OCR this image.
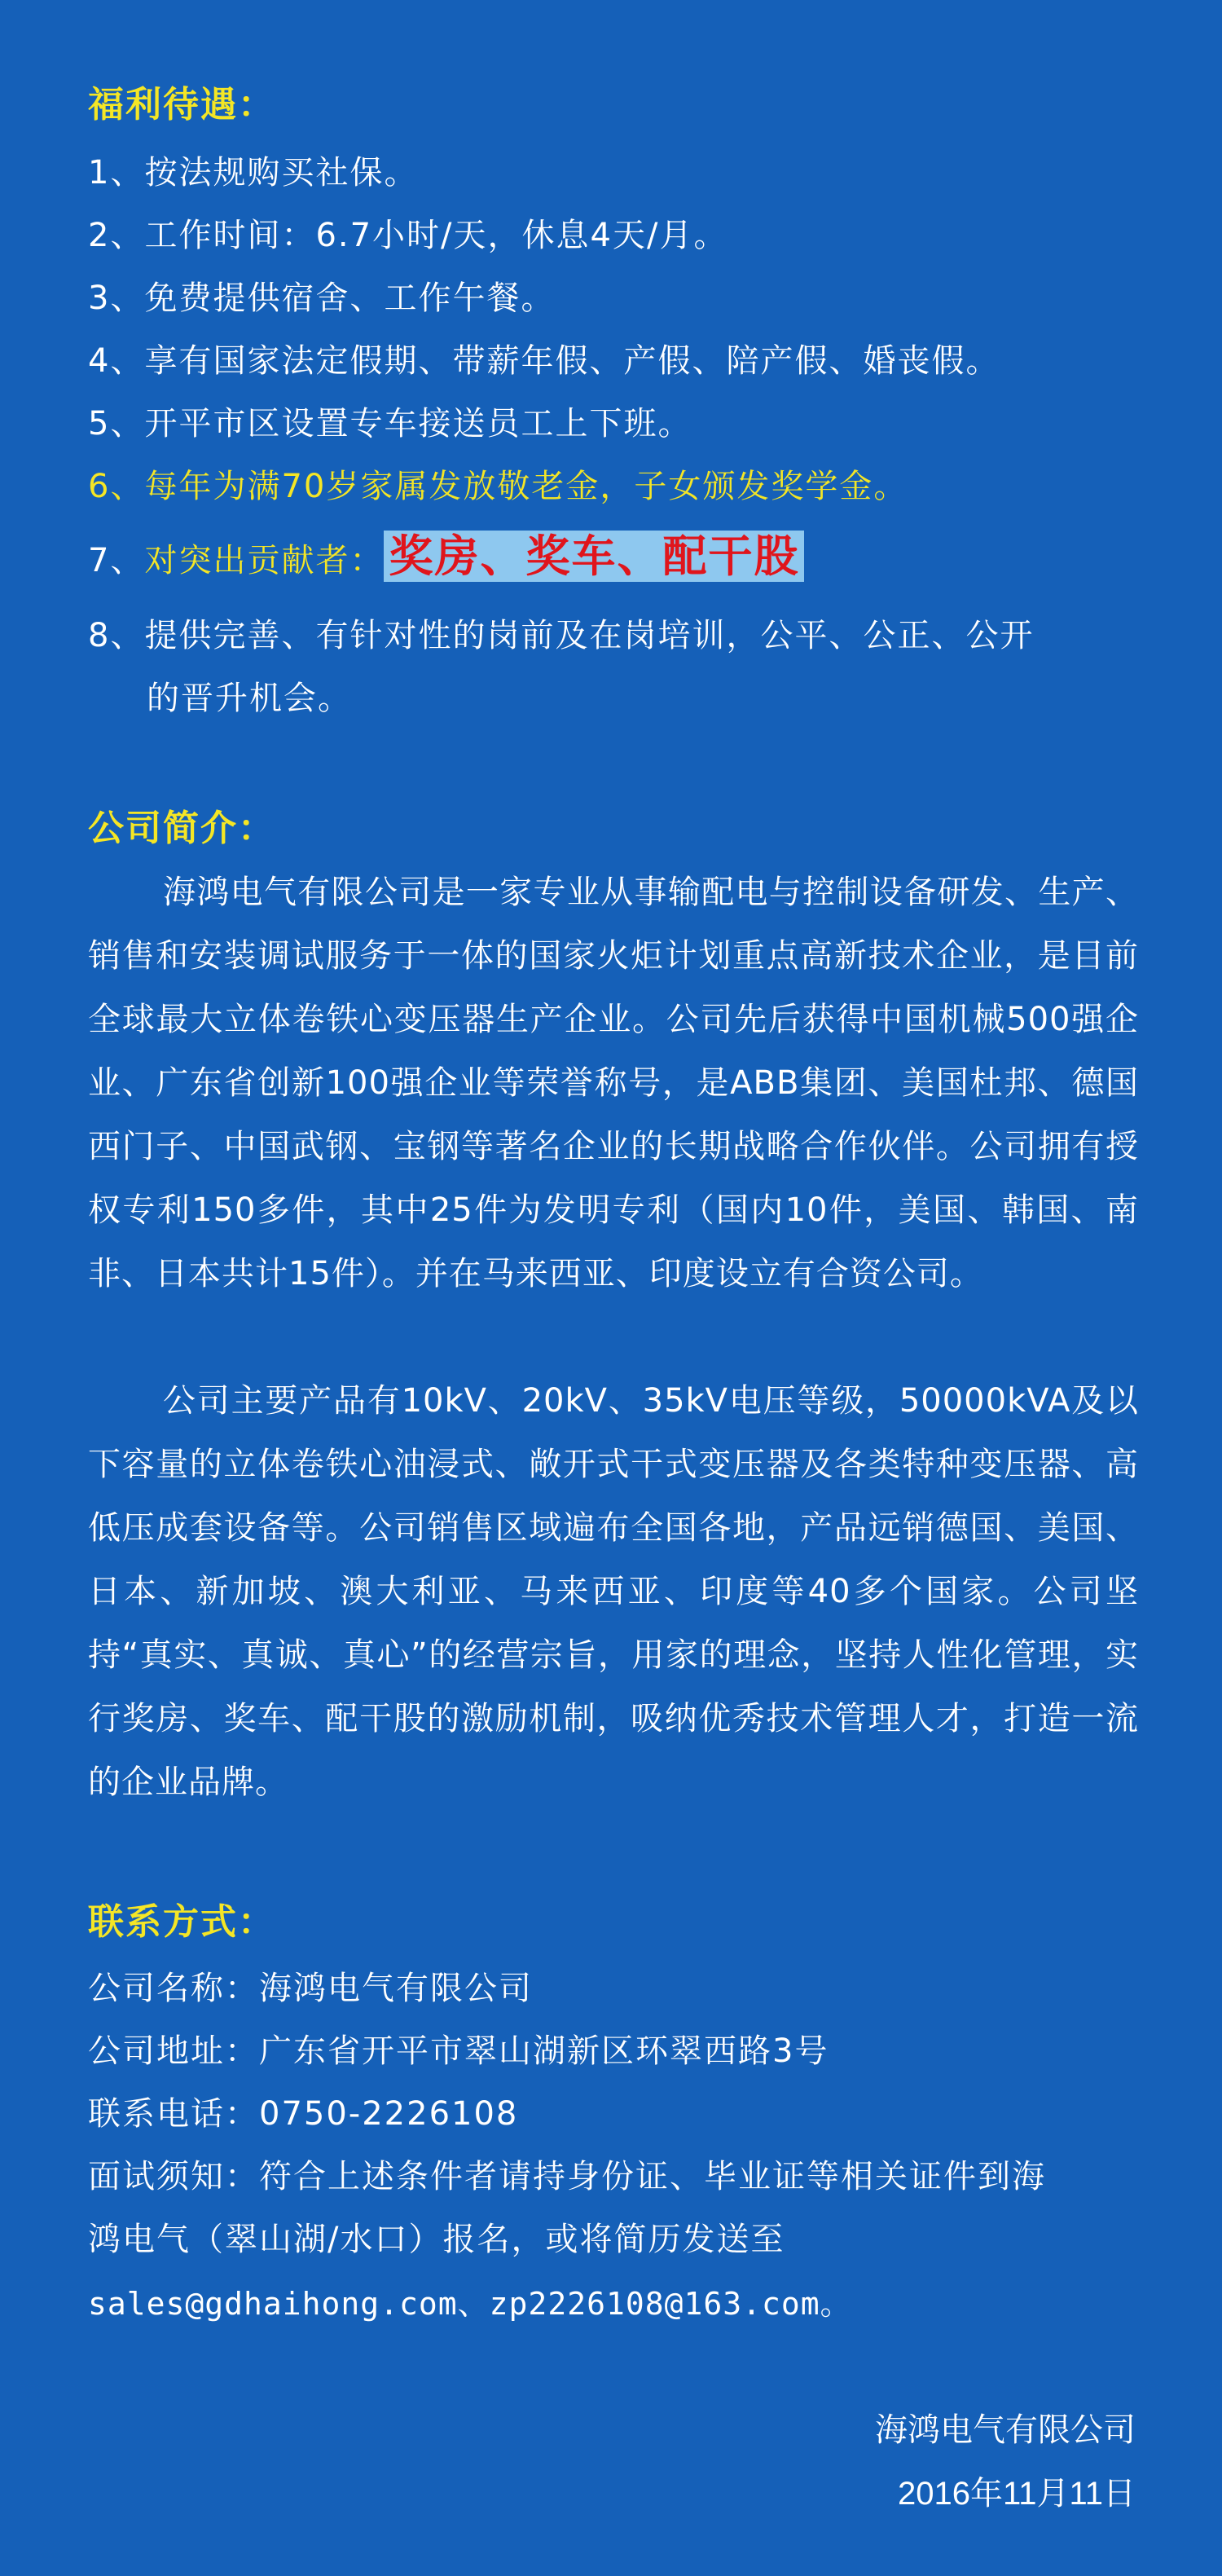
福利待遇：
1、按法规购买社保。
2、工作时间：6.7小时/天，休息4天/月。
3、免费提供宿舍、工作午餐。
4、享有国家法定假期、带薪年假、产假、陪产假、婚丧假。
5、开平市区设置专车接送员工上下班。
6、每年为满70岁家属发放敬老金，子女颁发奖学金。
7、对突出贡献者： 奖房、奖车、配干股
8、提供完善、有针对性的岗前及在岗培训，公平、公正、公开
的晋升机会。
公司简介：
海鸿电气有限公司是一家专业从事输配电与控制设备研发、生产、销售和安装调试服务于一体的国家火炬计划重点高新技术企业，是目前全球最大立体卷铁心变压器生产企业。公司先后获得中国机械500强企业、广东省创新100强企业等荣誉称号，是ABB集团、美国杜邦、德国西门子、中国武钢、宝钢等著名企业的长期战略合作伙伴。公司拥有授权专利150多件，其中25件为发明专利（国内10件，美国、韩国、南非、日本共计15件）。并在马来西亚、印度设立有合资公司。
公司主要产品有10kV、20kV、35kV电压等级，50000kVA及以下容量的立体卷铁心油浸式、敞开式干式变压器及各类特种变压器、高低压成套设备等。公司销售区域遍布全国各地，产品远销德国、美国、日本、新加坡、澳大利亚、马来西亚、印度等40多个国家。公司坚持“真实、真诚、真心”的经营宗旨，用家的理念，坚持人性化管理，实行奖房、奖车、配干股的激励机制，吸纳优秀技术管理人才，打造一流的企业品牌。
联系方式：
公司名称：海鸿电气有限公司
公司地址：广东省开平市翠山湖新区环翠西路3号
联系电话：0750-2226108
面试须知：符合上述条件者请持身份证、毕业证等相关证件到海
鸿电气（翠山湖/水口）报名，或将简历发送至
sales@gdhaihong.com、zp2226108@163.com。
海鸿电气有限公司
2016年11月11日
